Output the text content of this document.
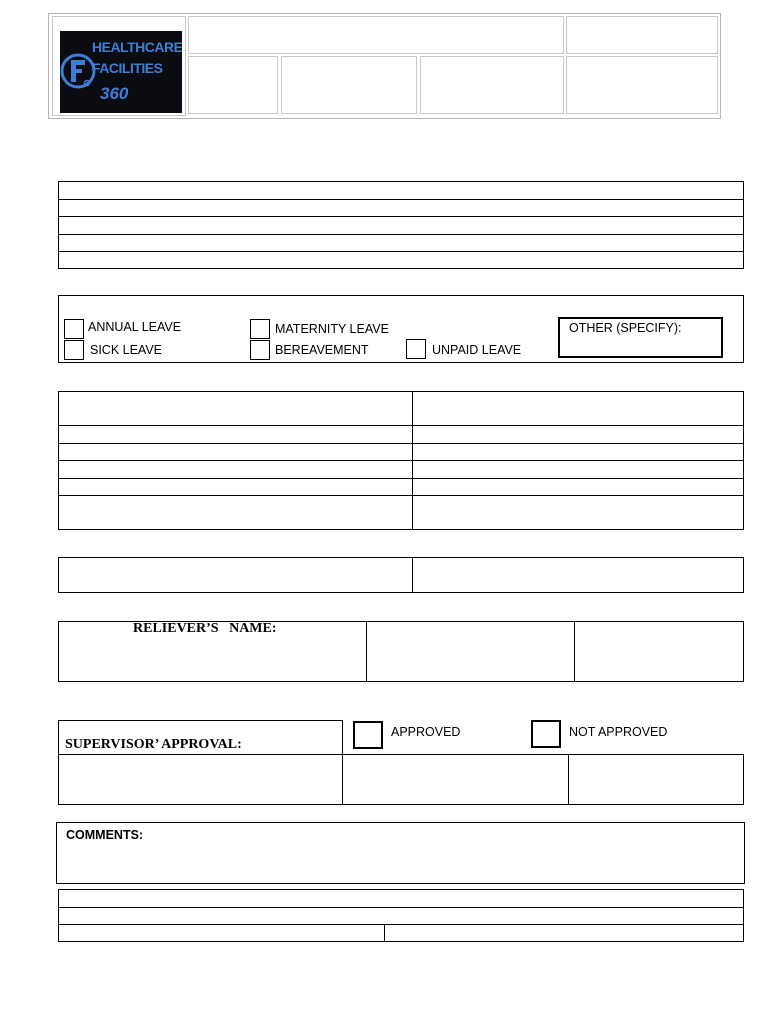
HEALTHCARE
FACILITIES
360
ANNUAL LEAVE	MATERNITY LEAVE
SICK LEAVE	BEREAVEMENT	UNPAID LEAVE
OTHER (SPECIFY):
RELIEVER’S   NAME:
SUPERVISOR’ APPROVAL:
APPROVED	NOT APPROVED
COMMENTS:
